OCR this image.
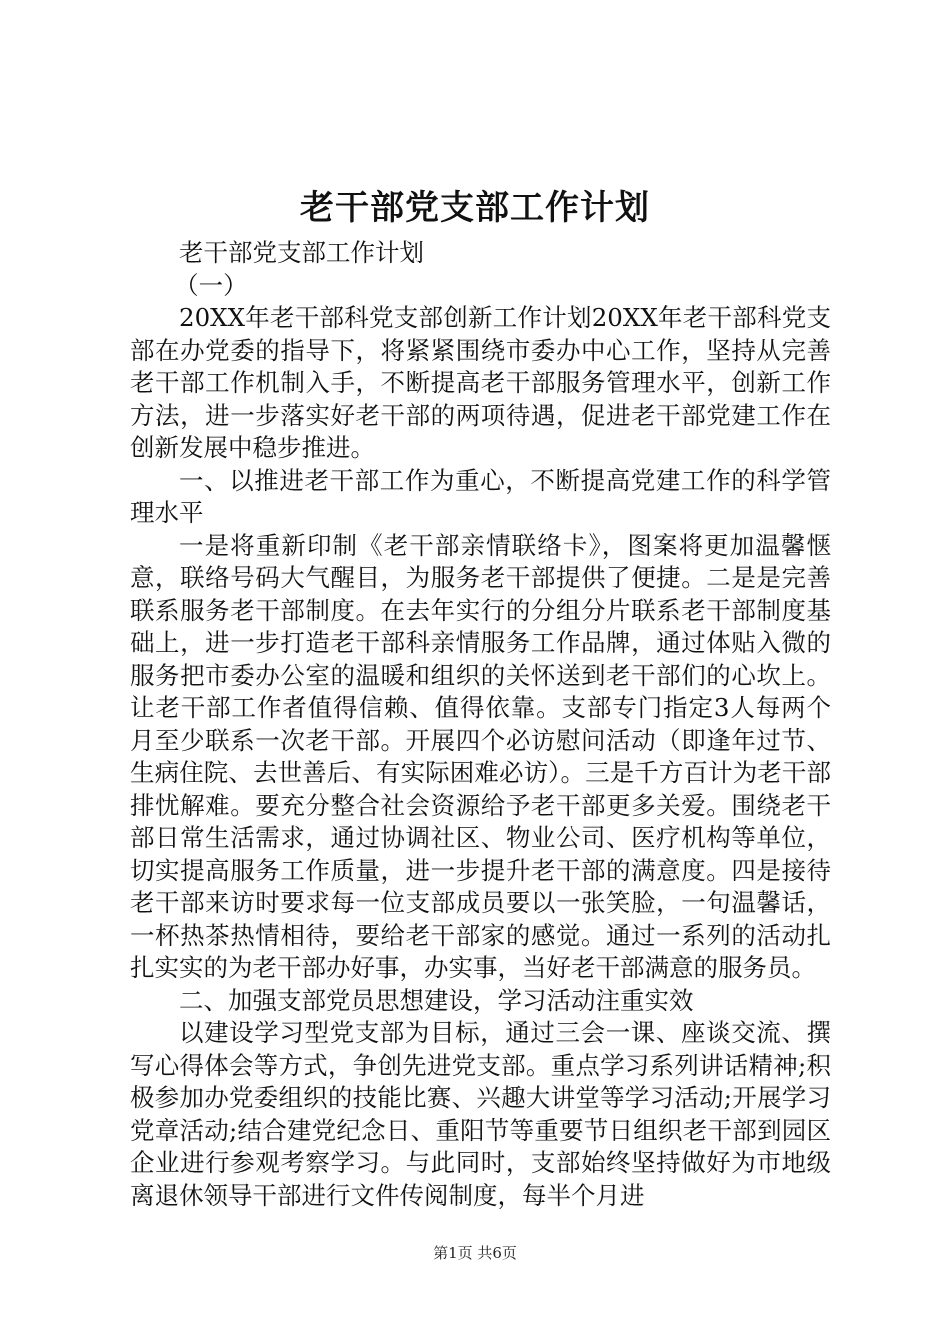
老干部党支部工作计划

老干部党支部工作计划

（一）

20XX年老干部科党支部创新工作计划20XX年老干部科党支部在办党委的指导下，将紧紧围绕市委办中心工作，坚持从完善老干部工作机制入手，不断提高老干部服务管理水平，创新工作方法，进一步落实好老干部的两项待遇，促进老干部党建工作在创新发展中稳步推进。

一、以推进老干部工作为重心，不断提高党建工作的科学管理水平

一是将重新印制《老干部亲情联络卡》，图案将更加温馨惬意，联络号码大气醒目，为服务老干部提供了便捷。二是是完善联系服务老干部制度。在去年实行的分组分片联系老干部制度基础上，进一步打造老干部科亲情服务工作品牌，通过体贴入微的服务把市委办公室的温暖和组织的关怀送到老干部们的心坎上。让老干部工作者值得信赖、值得依靠。支部专门指定3人每两个月至少联系一次老干部。开展四个必访慰问活动（即逢年过节、生病住院、去世善后、有实际困难必访）。三是千方百计为老干部排忧解难。要充分整合社会资源给予老干部更多关爱。围绕老干部日常生活需求，通过协调社区、物业公司、医疗机构等单位，切实提高服务工作质量，进一步提升老干部的满意度。四是接待老干部来访时要求每一位支部成员要以一张笑脸，一句温馨话，一杯热茶热情相待，要给老干部家的感觉。通过一系列的活动扎扎实实的为老干部办好事，办实事，当好老干部满意的服务员。

二、加强支部党员思想建设，学习活动注重实效

以建设学习型党支部为目标，通过三会一课、座谈交流、撰写心得体会等方式，争创先进党支部。重点学习系列讲话精神;积极参加办党委组织的技能比赛、兴趣大讲堂等学习活动;开展学习党章活动;结合建党纪念日、重阳节等重要节日组织老干部到园区企业进行参观考察学习。与此同时，支部始终坚持做好为市地级离退休领导干部进行文件传阅制度，每半个月进

第1页 共6页
